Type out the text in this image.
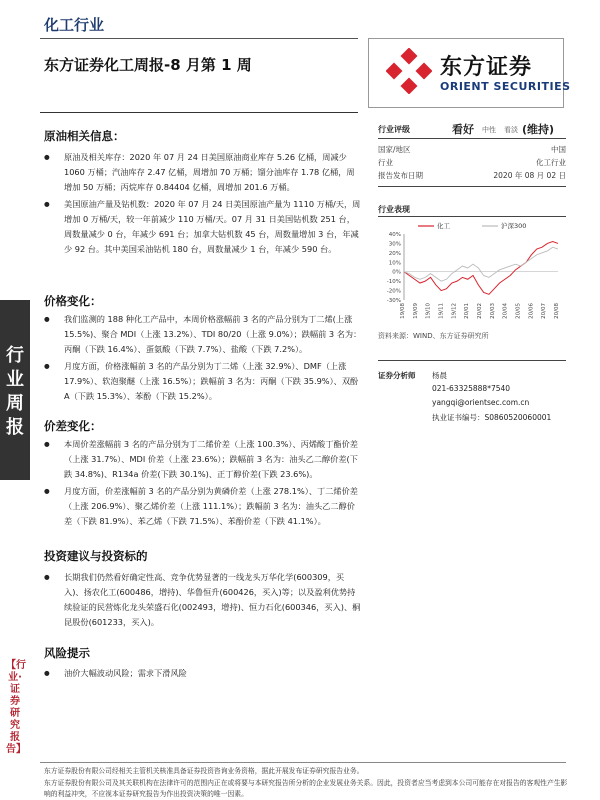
化工行业
东方证券化工周报-8 月第 1 周	东方证券
ORIENT SECURITIES
行
业
周
报
【行业·证券研究报告】
原油相关信息：
● 原油及相关库存：2020 年 07 月 24 日美国原油商业库存 5.26 亿桶，周减少 1060 万桶；汽油库存 2.47 亿桶，周增加 70 万桶；馏分油库存 1.78 亿桶，周增加 50 万桶；丙烷库存 0.84404 亿桶，周增加 201.6 万桶。
● 美国原油产量及钻机数：2020 年 07 月 24 日美国原油产量为 1110 万桶/天，周增加 0 万桶/天，较一年前减少 110 万桶/天。07 月 31 日美国钻机数 251 台，周数量减少 0 台，年减少 691 台；加拿大钻机数 45 台，周数量增加 3 台，年减少 92 台。其中美国采油钻机 180 台，周数量减少 1 台，年减少 590 台。
价格变化：
● 我们监测的 188 种化工产品中，本周价格涨幅前 3 名的产品分别为丁二烯(上涨 15.5%)、聚合 MDI（上涨 13.2%）、TDI 80/20（上涨 9.0%）；跌幅前 3 名为：丙酮（下跌 16.4%）、蛋氨酸（下跌 7.7%）、盐酸（下跌 7.2%）。
● 月度方面，价格涨幅前 3 名的产品分别为丁二烯（上涨 32.9%）、DMF（上涨 17.9%）、软泡聚醚（上涨 16.5%）；跌幅前 3 名为：丙酮（下跌 35.9%）、双酚 A（下跌 15.3%）、苯酚（下跌 15.2%）。
价差变化：
● 本周价差涨幅前 3 名的产品分别为丁二烯价差（上涨 100.3%）、丙烯酸丁酯价差（上涨 31.7%）、MDI 价差（上涨 23.6%）；跌幅前 3 名为：油头乙二醇价差(下跌 34.8%)、R134a 价差(下跌 30.1%)、正丁醇价差(下跌 23.6%)。
● 月度方面，价差涨幅前 3 名的产品分别为黄磷价差（上涨 278.1%）、丁二烯价差（上涨 206.9%）、聚乙烯价差（上涨 111.1%）；跌幅前 3 名为：油头乙二醇价差（下跌 81.9%）、苯乙烯（下跌 71.5%）、苯酚价差（下跌 41.1%）。
投资建议与投资标的
● 长期我们仍然看好确定性高、竞争优势显著的一线龙头万华化学(600309，买入)、扬农化工(600486，增持)、华鲁恒升(600426，买入)等；以及盈利优势持续验证的民营炼化龙头荣盛石化(002493，增持)、恒力石化(600346，买入)、桐昆股份(601233，买入)。
风险提示
● 油价大幅波动风险；需求下滑风险
行业评级	看好 中性 看淡 (维持)
国家/地区	中国
行业	化工行业
报告发布日期	2020 年 08 月 02 日
行业表现
40%
30%
20%
10%
0%
-10%
-20%
-30%
19/08 19/09 19/10 19/11 19/12 20/01 20/02 20/03 20/04 20/05 20/06 20/07 20/08
化工	沪深300
资料来源：WIND、东方证券研究所
证券分析师 杨晨
021-63325888*7540
yangqi@orientsec.com.cn
执业证书编号：S0860520060001
东方证券股份有限公司经相关主管机关核准具备证券投资咨询业务资格，据此开展发布证券研究报告业务。
东方证券股份有限公司及其关联机构在法律许可的范围内正在或将要与本研究报告所分析的企业发展业务关系。因此，投资者应当考虑到本公司可能存在对报告的客观性产生影响的利益冲突，不应视本证券研究报告为作出投资决策的唯一因素。
